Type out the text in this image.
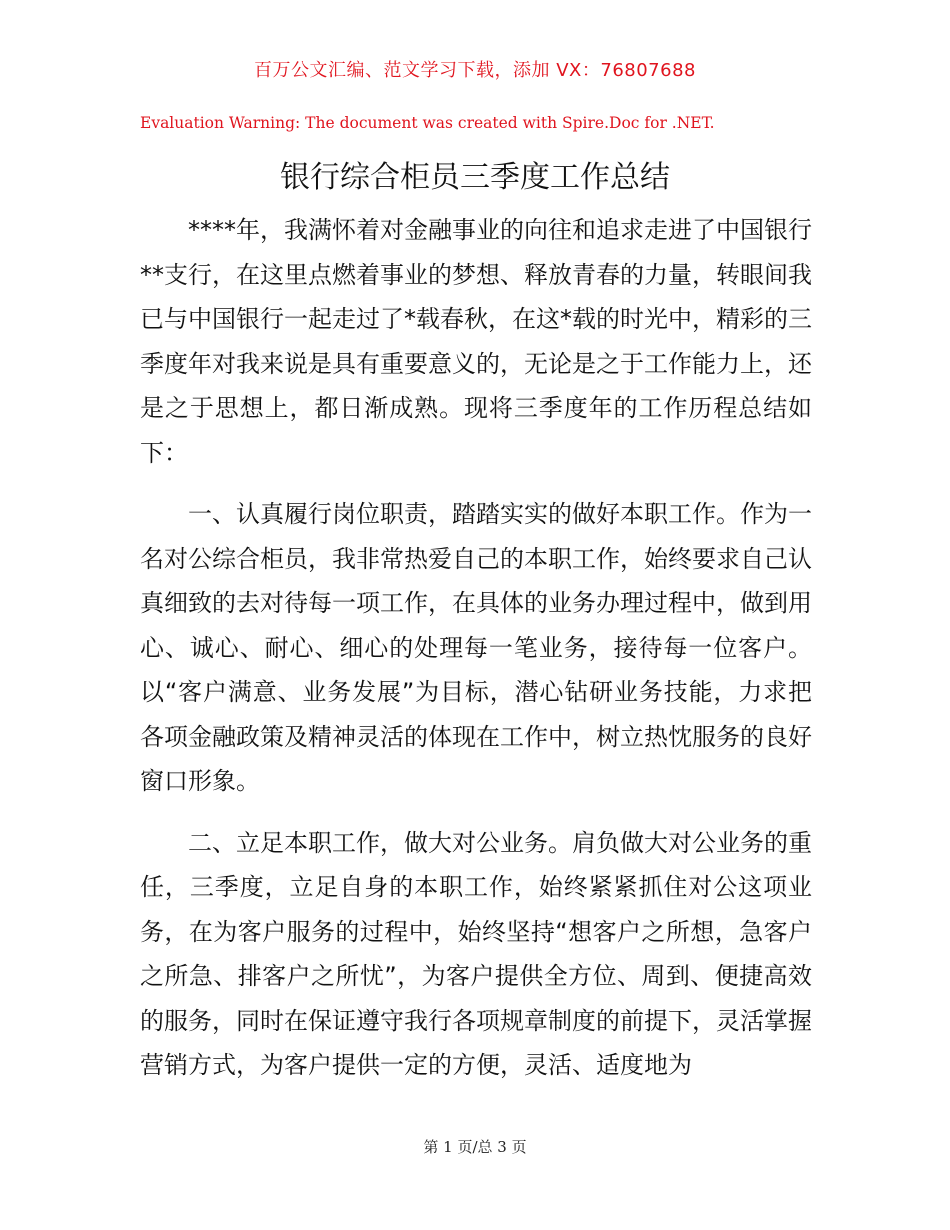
百万公文汇编、范文学习下载，添加 VX：76807688
Evaluation Warning: The document was created with Spire.Doc for .NET.
银行综合柜员三季度工作总结

****年，我满怀着对金融事业的向往和追求走进了中国银行**支行，在这里点燃着事业的梦想、释放青春的力量，转眼间我已与中国银行一起走过了*载春秋，在这*载的时光中，精彩的三季度年对我来说是具有重要意义的，无论是之于工作能力上，还是之于思想上，都日渐成熟。现将三季度年的工作历程总结如下：

一、认真履行岗位职责，踏踏实实的做好本职工作。作为一名对公综合柜员，我非常热爱自己的本职工作，始终要求自己认真细致的去对待每一项工作，在具体的业务办理过程中，做到用心、诚心、耐心、细心的处理每一笔业务，接待每一位客户。以“客户满意、业务发展”为目标，潜心钻研业务技能，力求把各项金融政策及精神灵活的体现在工作中，树立热忱服务的良好窗口形象。

二、立足本职工作，做大对公业务。肩负做大对公业务的重任，三季度，立足自身的本职工作，始终紧紧抓住对公这项业务，在为客户服务的过程中，始终坚持“想客户之所想，急客户之所急、排客户之所忧”，为客户提供全方位、周到、便捷高效的服务，同时在保证遵守我行各项规章制度的前提下，灵活掌握营销方式，为客户提供一定的方便，灵活、适度地为

第 1 页/总 3 页
